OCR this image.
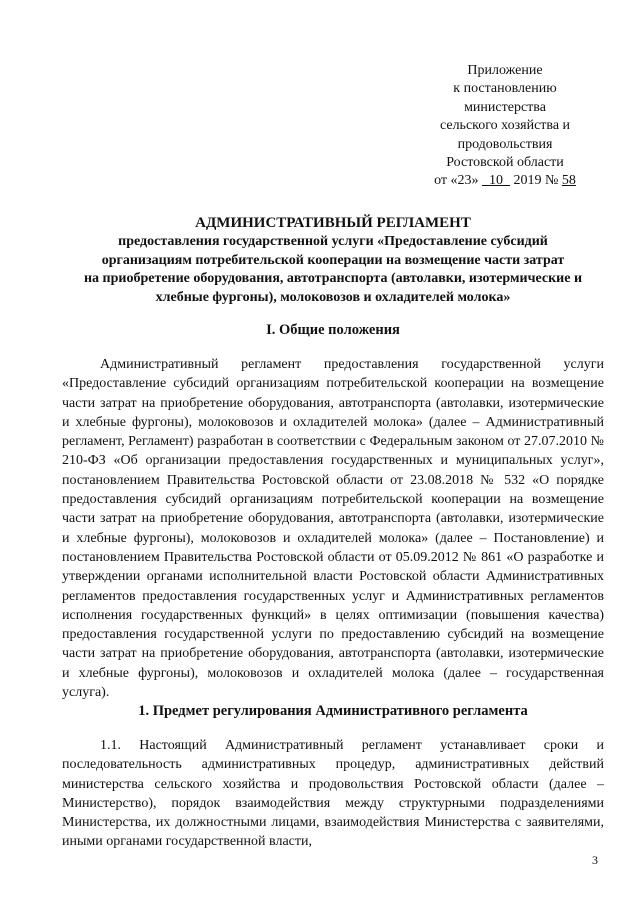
Приложение
к постановлению
министерства
сельского хозяйства и
продовольствия
Ростовской области
от «23» 10 2019 № 58
АДМИНИСТРАТИВНЫЙ РЕГЛАМЕНТ
предоставления государственной услуги «Предоставление субсидий
организациям потребительской кооперации на возмещение части затрат
на приобретение оборудования, автотранспорта (автолавки, изотермические и
хлебные фургоны), молоковозов и охладителей молока»
I. Общие положения

Административный регламент предоставления государственной услуги «Предоставление субсидий организациям потребительской кооперации на возмещение части затрат на приобретение оборудования, автотранспорта (автолавки, изотермические и хлебные фургоны), молоковозов и охладителей молока» (далее – Административный регламент, Регламент) разработан в соответствии с Федеральным законом от 27.07.2010 № 210-ФЗ «Об организации предоставления государственных и муниципальных услуг», постановлением Правительства Ростовской области от 23.08.2018 № 532 «О порядке предоставления субсидий организациям потребительской кооперации на возмещение части затрат на приобретение оборудования, автотранспорта (автолавки, изотермические и хлебные фургоны), молоковозов и охладителей молока» (далее – Постановление) и постановлением Правительства Ростовской области от 05.09.2012 № 861 «О разработке и утверждении органами исполнительной власти Ростовской области Административных регламентов предоставления государственных услуг и Административных регламентов исполнения государственных функций» в целях оптимизации (повышения качества) предоставления государственной услуги по предоставлению субсидий на возмещение части затрат на приобретение оборудования, автотранспорта (автолавки, изотермические и хлебные фургоны), молоковозов и охладителей молока (далее – государственная услуга).

1. Предмет регулирования Административного регламента

1.1. Настоящий Административный регламент устанавливает сроки и последовательность административных процедур, административных действий министерства сельского хозяйства и продовольствия Ростовской области (далее – Министерство), порядок взаимодействия между структурными подразделениями Министерства, их должностными лицами, взаимодействия Министерства с заявителями, иными органами государственной власти,

3
